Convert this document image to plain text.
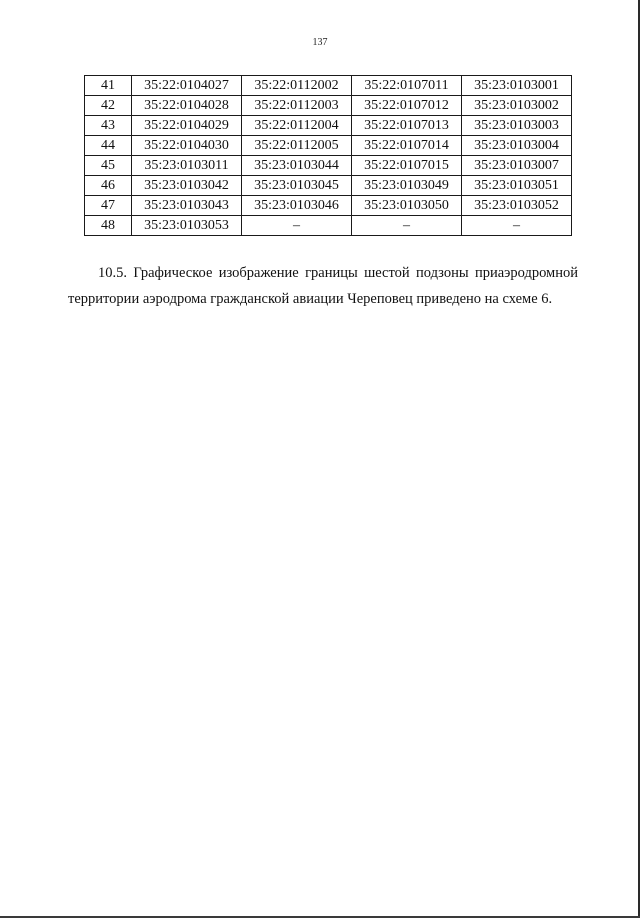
137
41	35:22:0104027	35:22:0112002	35:22:0107011	35:23:0103001
42	35:22:0104028	35:22:0112003	35:22:0107012	35:23:0103002
43	35:22:0104029	35:22:0112004	35:22:0107013	35:23:0103003
44	35:22:0104030	35:22:0112005	35:22:0107014	35:23:0103004
45	35:23:0103011	35:23:0103044	35:22:0107015	35:23:0103007
46	35:23:0103042	35:23:0103045	35:23:0103049	35:23:0103051
47	35:23:0103043	35:23:0103046	35:23:0103050	35:23:0103052
48	35:23:0103053	–	–	–
10.5. Графическое изображение границы шестой подзоны приаэродромной
территории аэродрома гражданской авиации Череповец приведено на схеме 6.
